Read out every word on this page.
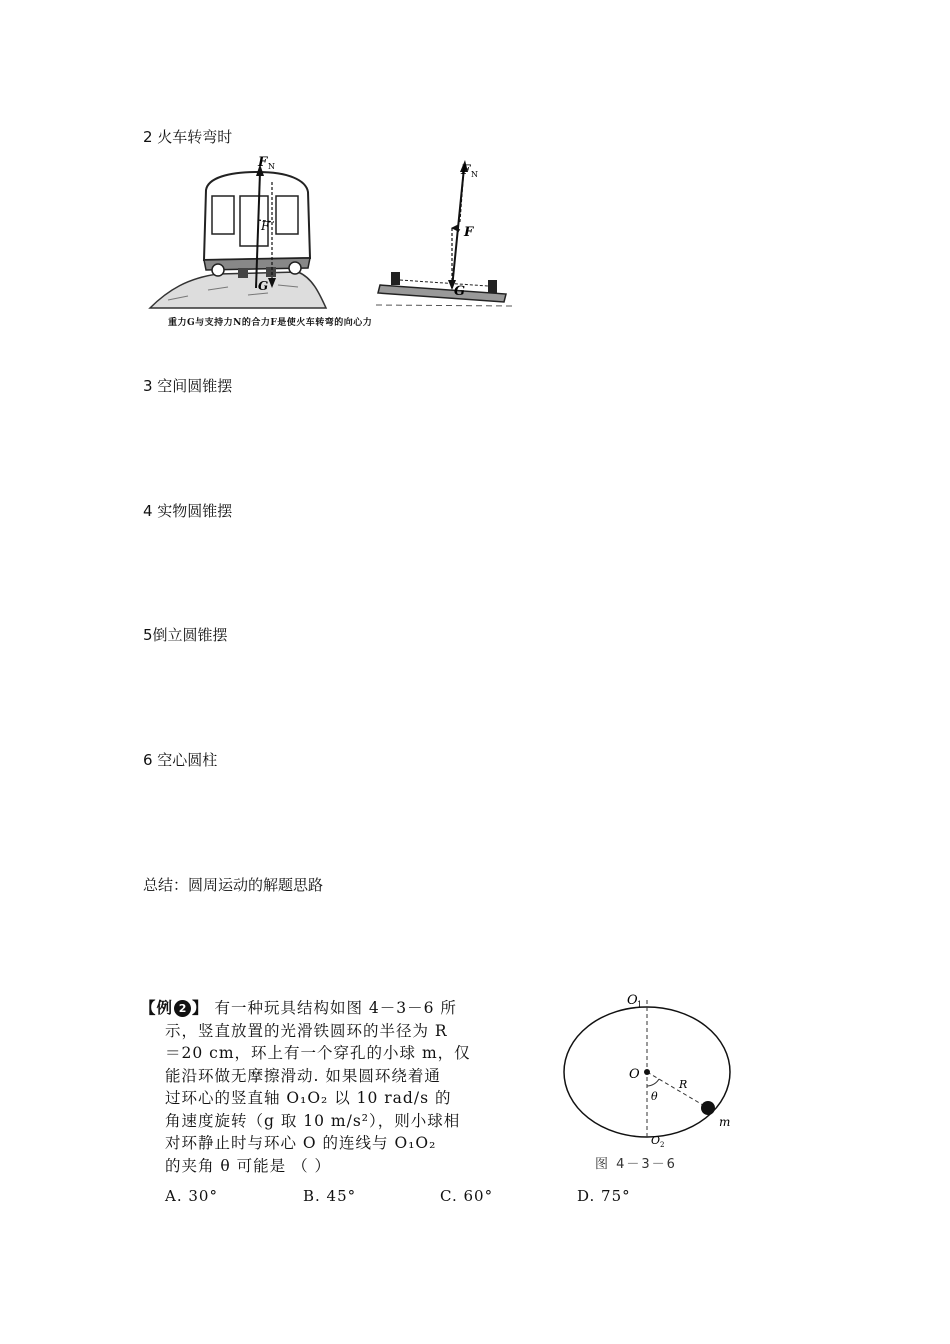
2 火车转弯时
F N
F
G
F N
F
G
重力G与支持力N的合力F是使火车转弯的向心力
3 空间圆锥摆
4 实物圆锥摆
5倒立圆锥摆
6 空心圆柱
总结：圆周运动的解题思路
【例 2 】 有一种玩具结构如图 4－3－6 所
示，竖直放置的光滑铁圆环的半径为 R
＝20 cm，环上有一个穿孔的小球 m，仅
能沿环做无摩擦滑动. 如果圆环绕着通
过环心的竖直轴 O₁O₂ 以 10 rad/s 的
角速度旋转（g 取 10 m/s²），则小球相
对环静止时与环心 O 的连线与 O₁O₂
的夹角 θ 可能是 （ ）
A. 30°	B. 45°	C. 60°	D. 75°
O 1
O
R
θ
m
O 2
图 4－3－6
